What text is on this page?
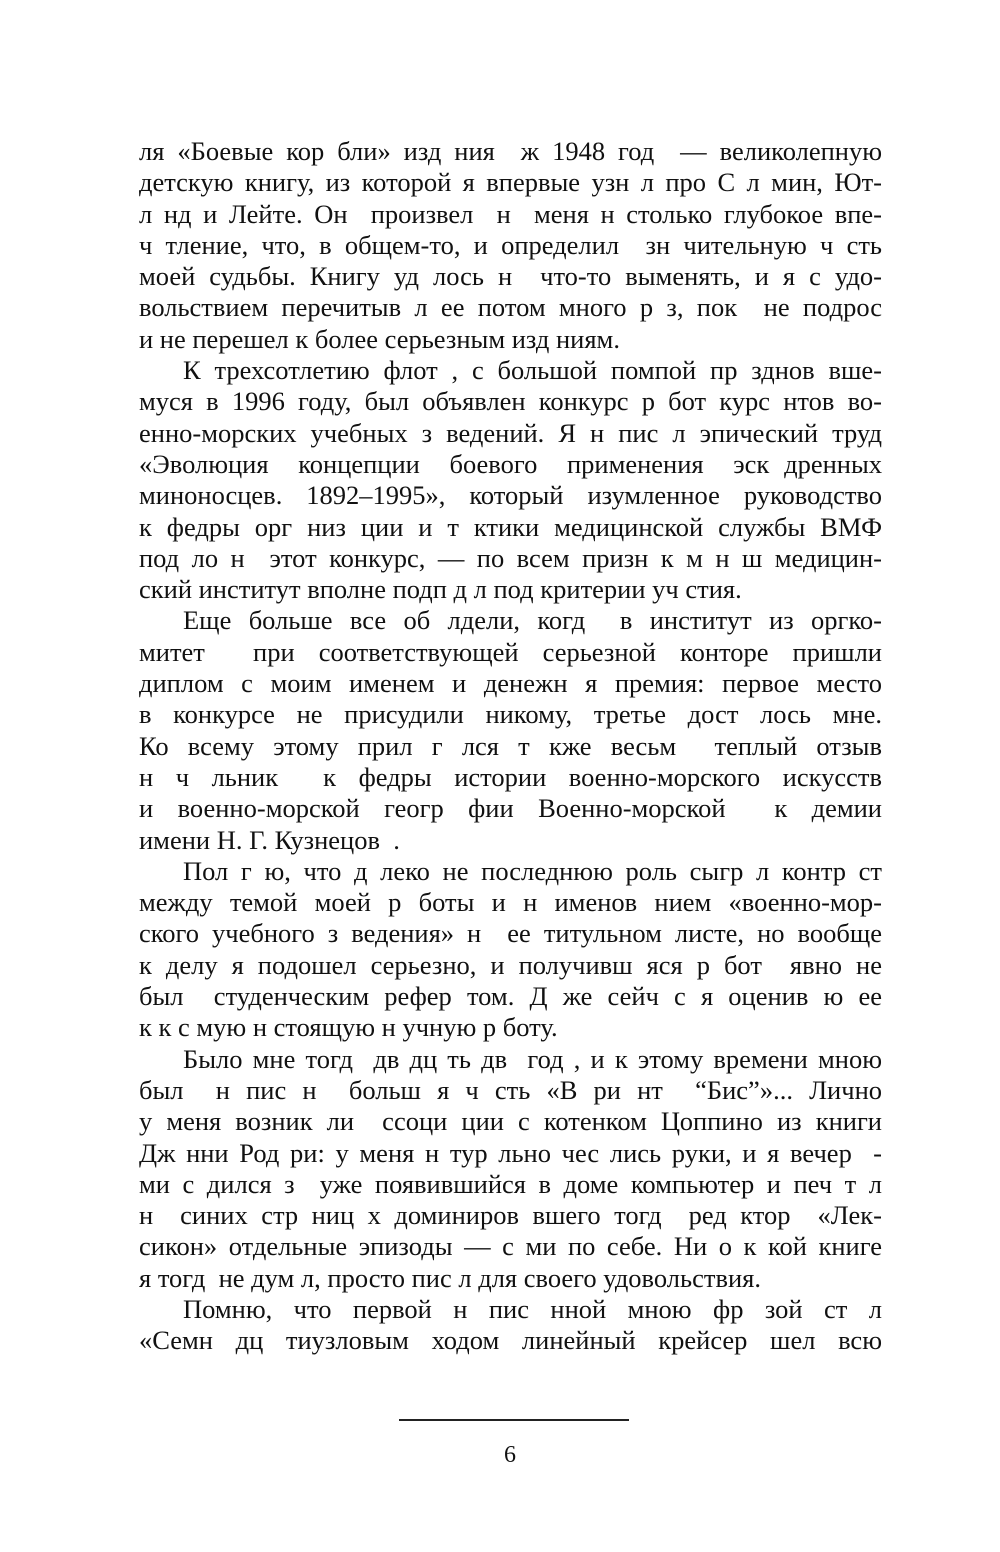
ля «Боевые кор бли» изд ния  ж 1948 год  — великолепную
детскую книгу, из которой я впервые узн л про С л мин, Ют-
л нд и Лейте. Он  произвел  н  меня н столько глубокое впе-
ч тление, что, в общем-то, и определил  зн чительную ч сть
моей судьбы. Книгу уд лось н  что-то выменять, и я с удо-
вольствием перечитыв л ее потом много р з, пок  не подрос
и не перешел к более серьезным изд ниям.
К трехсотлетию флот , с большой помпой пр зднов вше-
муся в 1996 году, был объявлен конкурс р бот курс нтов во-
енно-морских учебных з ведений. Я н пис л эпический труд
«Эволюция  концепции  боевого  применения  эск дренных
миноносцев. 1892–1995», который изумленное руководство
к федры орг низ ции и т ктики медицинской службы ВМФ
под ло н  этот конкурс, — по всем призн к м н ш медицин-
ский институт вполне подп д л под критерии уч стия.
Еще больше все об лдели, когд  в институт из оргко-
митет  при соответствующей серьезной конторе пришли
диплом с моим именем и денежн я премия: первое место
в конкурсе не присудили никому, третье дост лось мне.
Ко всему этому прил г лся т кже весьм  теплый отзыв
н ч льник  к федры истории военно-морского искусств
и военно-морской геогр фии Военно-морской  к демии
имени Н. Г. Кузнецов  .
Пол г ю, что д леко не последнюю роль сыгр л контр ст
между темой моей р боты и н именов нием «военно-мор-
ского учебного з ведения» н  ее титульном листе, но вообще
к делу я подошел серьезно, и получивш яся р бот  явно не
был  студенческим рефер том. Д же сейч с я оценив ю ее
к к с мую н стоящую н учную р боту.
Было мне тогд  дв дц ть дв  год , и к этому времени мною
был  н пис н  больш я ч сть «В ри нт  “Бис”»... Лично
у меня возник ли  ссоци ции с котенком Цоппино из книги
Дж нни Род ри: у меня н тур льно чес лись руки, и я вечер  -
ми с дился з  уже появившийся в доме компьютер и печ т л
н  синих стр ниц х доминиров вшего тогд  ред ктор  «Лек-
сикон» отдельные эпизоды — с ми по себе. Ни о к кой книге
я тогд  не дум л, просто пис л для своего удовольствия.
Помню, что первой н пис нной мною фр зой ст л
«Семн дц тиузловым ходом линейный крейсер шел всю
6
